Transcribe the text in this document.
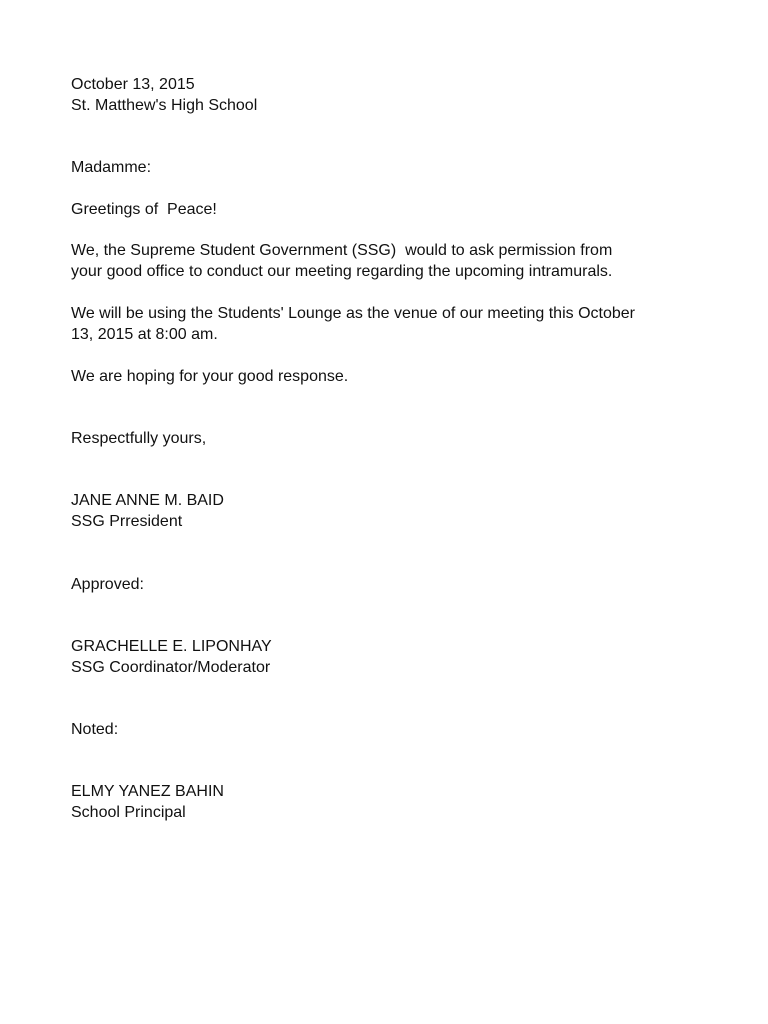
October 13, 2015
St. Matthew's High School
Madamme:
Greetings of  Peace!
We, the Supreme Student Government (SSG)  would to ask permission from
your good office to conduct our meeting regarding the upcoming intramurals.
We will be using the Students' Lounge as the venue of our meeting this October
13, 2015 at 8:00 am.
We are hoping for your good response.
Respectfully yours,
JANE ANNE M. BAID
SSG Prresident
Approved:
GRACHELLE E. LIPONHAY
SSG Coordinator/Moderator
Noted:
ELMY YANEZ BAHIN
School Principal
